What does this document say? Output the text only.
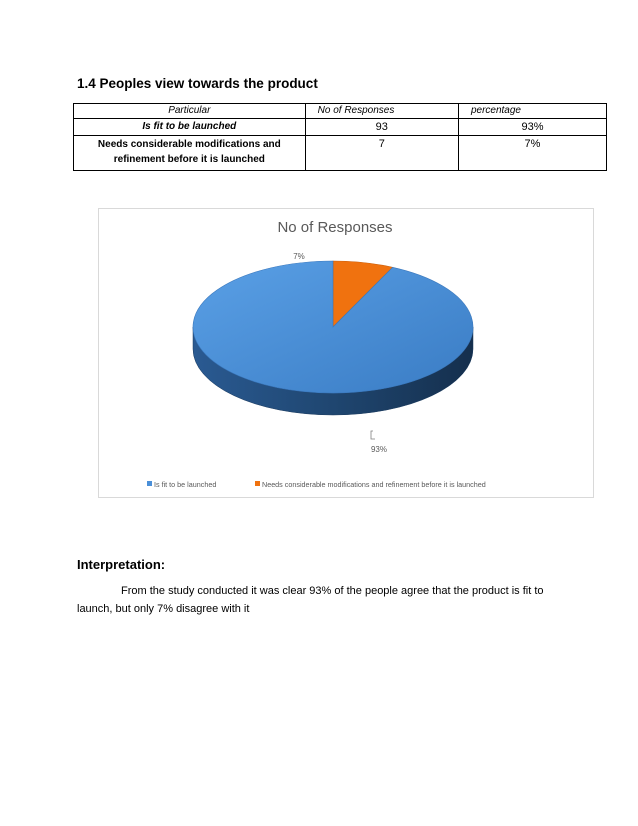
1.4 Peoples view towards the product
Particular	No of Responses	percentage
Is fit to be launched	93	93%
Needs considerable modifications and refinement before it is launched	7	7%
No of Responses
7%
93%
Is fit to be launched	Needs considerable modifications and refinement before it is launched
Interpretation:

From the study conducted it was clear 93% of the people agree that the product is fit to launch, but only 7% disagree with it
